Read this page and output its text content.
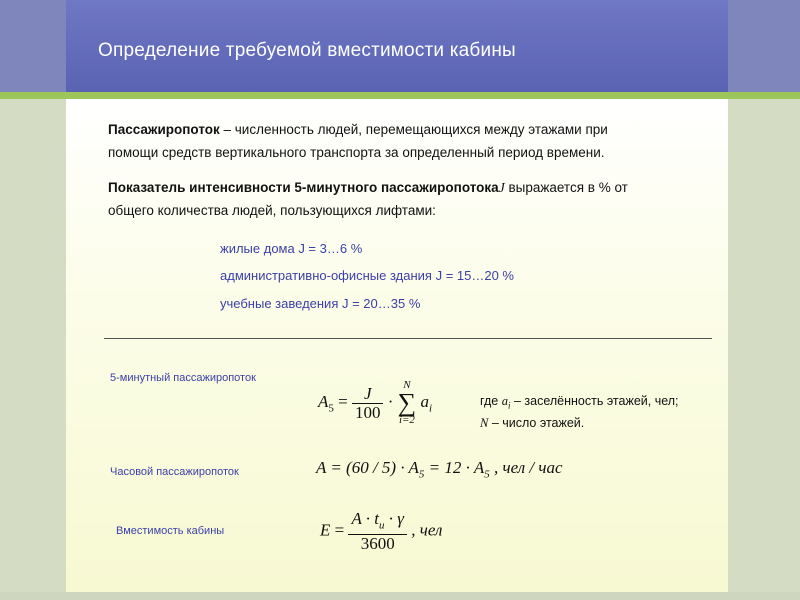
Определение требуемой вместимости кабины
Пассажиропоток – численность людей, перемещающихся между этажами при
помощи средств вертикального транспорта за определенный период времени.
Показатель интенсивности 5-минутного пассажиропотокаJ выражается в % от
общего количества людей, пользующихся лифтами:
жилые дома J = 3…6 %
административно-офисные здания J = 15…20 %
учебные заведения J = 20…35 %
5-минутный пассажиропоток
$A_5 = \frac{J}{100}$ ·
N
∑
i=2
$a_i$
где $a_i$ – заселённость этажей, чел;
N – число этажей.
Часовой пассажиропоток	$A = (60 / 5) \cdot A_5 = 12 \cdot A_5$ , чел / час
Вместимость кабины	$E = \frac{A \cdot t_и \cdot \gamma}{3600}$ , чел
